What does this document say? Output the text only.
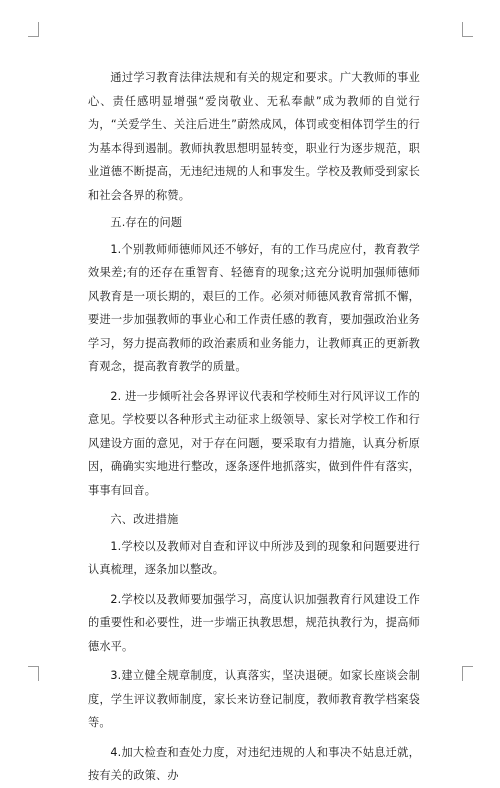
通过学习教育法律法规和有关的规定和要求。广大教师的事业心、责任感明显增强“爱岗敬业、无私奉献”成为教师的自觉行为，“关爱学生、关注后进生”蔚然成风，体罚或变相体罚学生的行为基本得到遏制。教师执教思想明显转变，职业行为逐步规范，职业道德不断提高，无违纪违规的人和事发生。学校及教师受到家长和社会各界的称赞。

五.存在的问题

1.个别教师师德师风还不够好，有的工作马虎应付，教育教学效果差;有的还存在重智育、轻德育的现象;这充分说明加强师德师风教育是一项长期的，艰巨的工作。必须对师德风教育常抓不懈，要进一步加强教师的事业心和工作责任感的教育，要加强政治业务学习，努力提高教师的政治素质和业务能力，让教师真正的更新教育观念，提高教育教学的质量。

2. 进一步倾听社会各界评议代表和学校师生对行风评议工作的意见。学校要以各种形式主动征求上级领导、家长对学校工作和行风建设方面的意见，对于存在问题，要采取有力措施，认真分析原因，确确实实地进行整改，逐条逐件地抓落实，做到件件有落实，事事有回音。

六、改进措施

1.学校以及教师对自查和评议中所涉及到的现象和问题要进行认真梳理，逐条加以整改。

2.学校以及教师要加强学习，高度认识加强教育行风建设工作的重要性和必要性，进一步端正执教思想，规范执教行为，提高师德水平。

3.建立健全规章制度，认真落实，坚决退硬。如家长座谈会制度，学生评议教师制度，家长来访登记制度，教师教育教学档案袋等。

4.加大检查和查处力度，对违纪违规的人和事决不姑息迁就，按有关的政策、办
